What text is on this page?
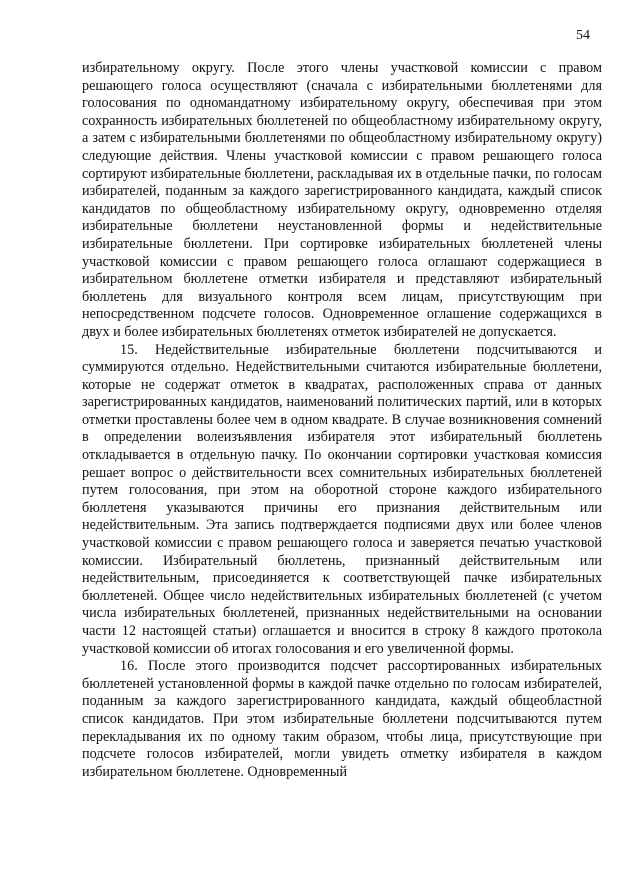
54

избирательному округу. После этого члены участковой комиссии с правом решающего голоса осуществляют (сначала с избирательными бюллетенями для голосования по одномандатному избирательному округу, обеспечивая при этом сохранность избирательных бюллетеней по общеобластному избирательному округу, а затем с избирательными бюллетенями по общеобластному избирательному округу) следующие действия. Члены участковой комиссии с правом решающего голоса сортируют избирательные бюллетени, раскладывая их в отдельные пачки, по голосам избирателей, поданным за каждого зарегистрированного кандидата, каждый список кандидатов по общеобластному избирательному округу, одновременно отделяя избирательные бюллетени неустановленной формы и недействительные избирательные бюллетени. При сортировке избирательных бюллетеней члены участковой комиссии с правом решающего голоса оглашают содержащиеся в избирательном бюллетене отметки избирателя и представляют избирательный бюллетень для визуального контроля всем лицам, присутствующим при непосредственном подсчете голосов. Одновременное оглашение содержащихся в двух и более избирательных бюллетенях отметок избирателей не допускается.

15. Недействительные избирательные бюллетени подсчитываются и суммируются отдельно. Недействительными считаются избирательные бюллетени, которые не содержат отметок в квадратах, расположенных справа от данных зарегистрированных кандидатов, наименований политических партий, или в которых отметки проставлены более чем в одном квадрате. В случае возникновения сомнений в определении волеизъявления избирателя этот избирательный бюллетень откладывается в отдельную пачку. По окончании сортировки участковая комиссия решает вопрос о действительности всех сомнительных избирательных бюллетеней путем голосования, при этом на оборотной стороне каждого избирательного бюллетеня указываются причины его признания действительным или недействительным. Эта запись подтверждается подписями двух или более членов участковой комиссии с правом решающего голоса и заверяется печатью участковой комиссии. Избирательный бюллетень, признанный действительным или недействительным, присоединяется к соответствующей пачке избирательных бюллетеней. Общее число недействительных избирательных бюллетеней (с учетом числа избирательных бюллетеней, признанных недействительными на основании части 12 настоящей статьи) оглашается и вносится в строку 8 каждого протокола участковой комиссии об итогах голосования и его увеличенной формы.

16. После этого производится подсчет рассортированных избирательных бюллетеней установленной формы в каждой пачке отдельно по голосам избирателей, поданным за каждого зарегистрированного кандидата, каждый общеобластной список кандидатов. При этом избирательные бюллетени подсчитываются путем перекладывания их по одному таким образом, чтобы лица, присутствующие при подсчете голосов избирателей, могли увидеть отметку избирателя в каждом избирательном бюллетене. Одновременный
